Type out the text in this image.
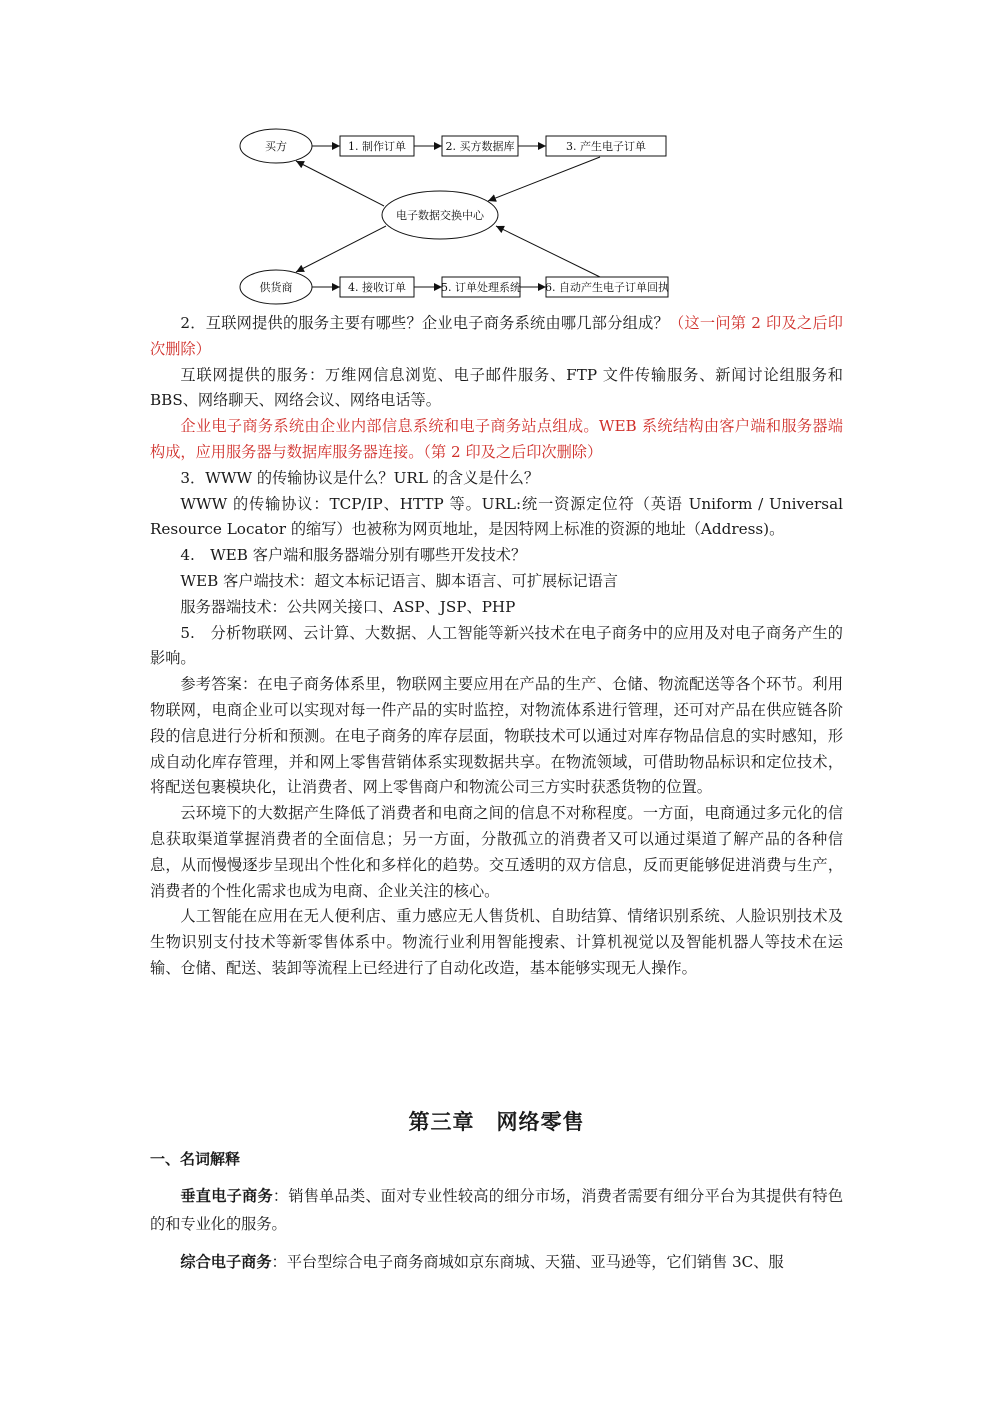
买方	1. 制作订单	2. 买方数据库	3. 产生电子订单
电子数据交换中心
供货商	4. 接收订单	5. 订单处理系统 6. 自动产生电子订单回执

2．互联网提供的服务主要有哪些？企业电子商务系统由哪几部分组成？（这一问第 2 印及之后印次删除）

互联网提供的服务：万维网信息浏览、电子邮件服务、FTP 文件传输服务、新闻讨论组服务和 BBS、网络聊天、网络会议、网络电话等。

企业电子商务系统由企业内部信息系统和电子商务站点组成。WEB 系统结构由客户端和服务器端构成，应用服务器与数据库服务器连接。（第 2 印及之后印次删除）

3．WWW 的传输协议是什么？URL 的含义是什么？

WWW 的传输协议：TCP/IP、HTTP 等。URL:统一资源定位符（英语 Uniform / Universal Resource Locator 的缩写）也被称为网页地址，是因特网上标准的资源的地址（Address)。

4.　WEB 客户端和服务器端分别有哪些开发技术？

WEB 客户端技术：超文本标记语言、脚本语言、可扩展标记语言

服务器端技术：公共网关接口、ASP、JSP、PHP

5.　分析物联网、云计算、大数据、人工智能等新兴技术在电子商务中的应用及对电子商务产生的影响。

参考答案：在电子商务体系里，物联网主要应用在产品的生产、仓储、物流配送等各个环节。利用物联网，电商企业可以实现对每一件产品的实时监控，对物流体系进行管理，还可对产品在供应链各阶段的信息进行分析和预测。在电子商务的库存层面，物联技术可以通过对库存物品信息的实时感知，形成自动化库存管理，并和网上零售营销体系实现数据共享。在物流领域，可借助物品标识和定位技术，将配送包裹模块化，让消费者、网上零售商户和物流公司三方实时获悉货物的位置。

云环境下的大数据产生降低了消费者和电商之间的信息不对称程度。一方面，电商通过多元化的信息获取渠道掌握消费者的全面信息；另一方面，分散孤立的消费者又可以通过渠道了解产品的各种信息，从而慢慢逐步呈现出个性化和多样化的趋势。交互透明的双方信息，反而更能够促进消费与生产，消费者的个性化需求也成为电商、企业关注的核心。

人工智能在应用在无人便利店、重力感应无人售货机、自助结算、情绪识别系统、人脸识别技术及生物识别支付技术等新零售体系中。物流行业利用智能搜索、计算机视觉以及智能机器人等技术在运输、仓储、配送、装卸等流程上已经进行了自动化改造，基本能够实现无人操作。

第三章　网络零售
一、名词解释

垂直电子商务：销售单品类、面对专业性较高的细分市场，消费者需要有细分平台为其提供有特色的和专业化的服务。

综合电子商务：平台型综合电子商务商城如京东商城、天猫、亚马逊等，它们销售 3C、服
